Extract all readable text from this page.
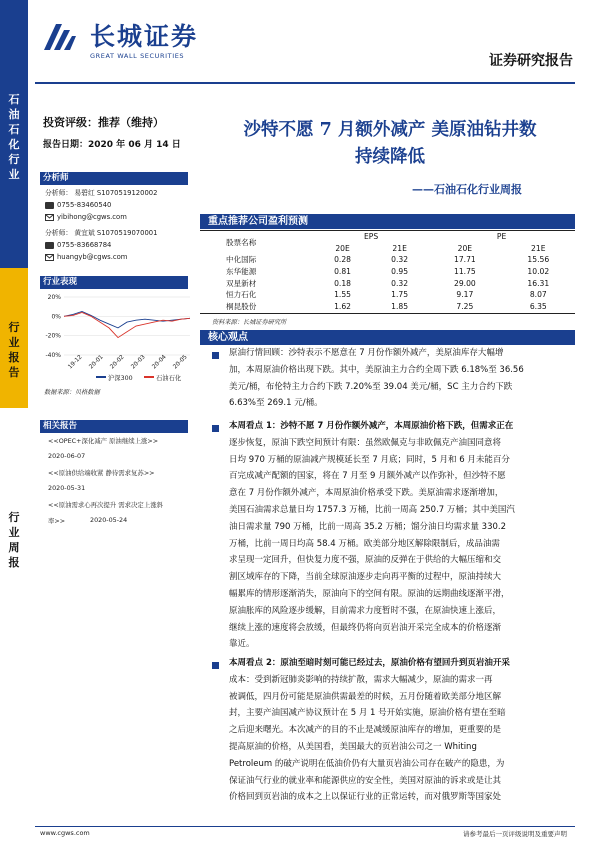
石
油
石
化
行
业
行
业
报
告
行
业
周
报
长城证券
GREAT WALL SECURITIES	证券研究报告
投资评级：推荐（维持）
报告日期：2020 年 06 月 14 日
分析师
分析师： 易碧红 S1070519120002
0755-83460540
yibihong@cgws.com
分析师： 黄宜斌 S1070519070001
0755-83668784
huangyb@cgws.com
行业表现
20%
0%
-20%
-40% 19-12 20-01 20-02 20-03 20-04 20-05
沪深300	石油石化
数据来源：贝格数据
相关报告
<<OPEC+深化减产 原油继续上涨>>
2020-06-07
<<原油供给端收紧 静待需求复苏>>
2020-05-31
<<原油需求心再次提升 需求决定上涨斜
率>>	2020-05-24
沙特不愿 7 月额外减产 美原油钻井数
持续降低
——石油石化行业周报
重点推荐公司盈利预测
股票名称	EPS		PE	
	20E	21E	20E	21E
中化国际	0.28	0.32	17.71	15.56
东华能源	0.81	0.95	11.75	10.02
双星新材	0.18	0.32	29.00	16.31
恒力石化	1.55	1.75	9.17	8.07
桐昆股份	1.62	1.85	7.25	6.35
资料来源：长城证券研究所
核心观点
原油行情回顾：沙特表示不愿意在 7 月份作额外减产，美原油库存大幅增
加，本周原油价格出现下跌。其中，美原油主力合约全周下跌 6.18%至 36.56
美元/桶，布伦特主力合约下跌 7.20%至 39.04 美元/桶，SC 主力合约下跌
6.63%至 269.1 元/桶。
本周看点 1：沙特不愿 7 月份作额外减产，本周原油价格下跌，但需求正在
逐步恢复，原油下跌空间预计有限：虽然欧佩克与非欧佩克产油国同意将
日均 970 万桶的原油减产规模延长至 7 月底；同时，5 月和 6 月未能百分
百完成减产配额的国家，将在 7 月至 9 月额外减产以作弥补，但沙特不愿
意在 7 月份作额外减产，本周原油价格承受下跌。美原油需求逐渐增加，
美国石油需求总量日均 1757.3 万桶，比前一周高 250.7 万桶；其中美国汽
油日需求量 790 万桶，比前一周高 35.2 万桶；馏分油日均需求量 330.2
万桶，比前一周日均高 58.4 万桶。欧美部分地区解除限制后，成品油需
求呈现一定回升，但快复力度不强，原油的反弹在于供给的大幅压缩和交
割区域库存的下降，当前全球原油逐步走向再平衡的过程中，原油持续大
幅累库的情形逐渐消失，原油向下的空间有限。原油的远期曲线逐渐平滑，
原油胀库的风险逐步缓解，目前需求力度暂时不强，在原油快速上涨后，
继续上涨的速度将会放缓，但最终仍将向页岩油开采完全成本的价格逐渐
靠近。
本周看点 2：原油至暗时刻可能已经过去，原油价格有望回升到页岩油开采
成本：受到新冠肺炎影响的持续扩散，需求大幅减少，原油的需求一再
被调低，四月份可能是原油供需最差的时候，五月份随着欧美部分地区解
封，主要产油国减产协议预计在 5 月 1 号开始实施，原油价格有望在至暗
之后迎来曙光。本次减产的目的不止是减缓原油库存的增加，更重要的是
提高原油的价格，从美国看，美国最大的页岩油公司之一 Whiting
Petroleum 的破产说明在低油价仍有大量页岩油公司存在破产的隐患，为
保证油气行业的就业率和能源供应的安全性，美国对原油的诉求或是让其
价格回到页岩油的成本之上以保证行业的正常运转，而对俄罗斯等国家处
www.cgws.com	请参考最后一页评级说明及重要声明
